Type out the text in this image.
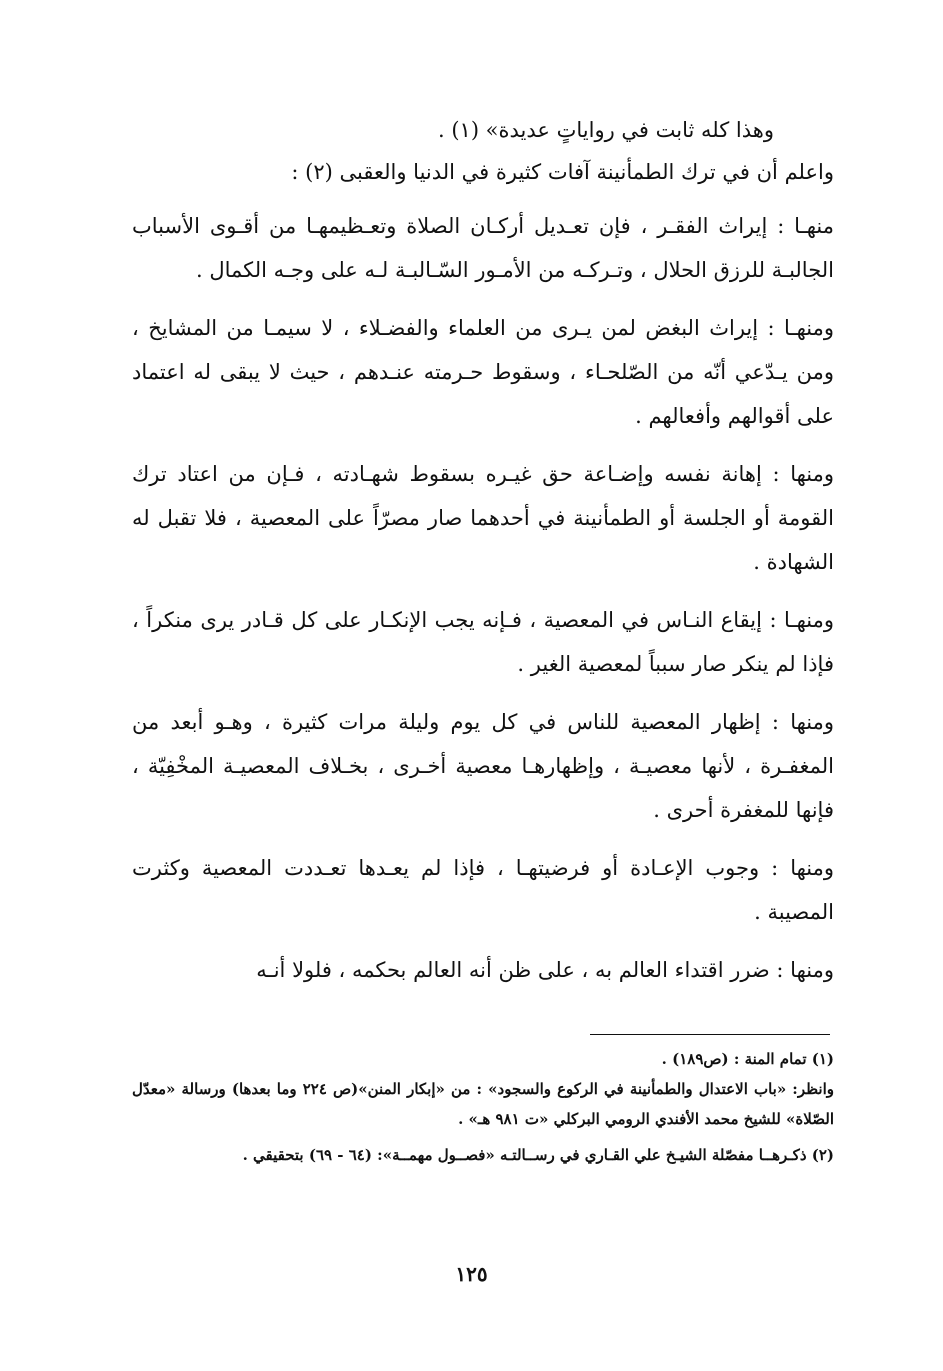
وهذا كله ثابت في رواياتٍ عديدة» (١) .

واعلم أن في ترك الطمأنينة آفات كثيرة في الدنيا والعقبى (٢) :

منهـا : إيراث الفقـر ، فإن تعـديل أركـان الصلاة وتعـظيمهـا من أقـوى الأسباب الجالبـة للرزق الحلال ، وتـركـه من الأمـور السّـالبـة لـه على وجـه الكمال .

ومنهـا : إيراث البغض لمن يـرى من العلماء والفضـلاء ، لا سيمـا من المشايخ ، ومن يـدّعي أنّه من الصّلحـاء ، وسقوط حـرمته عنـدهم ، حيث لا يبقى له اعتماد على أقوالهم وأفعالهم .

ومنها : إهانة نفسه وإضـاعة حق غيـره بسقوط شهـادته ، فـإن من اعتاد ترك القومة أو الجلسة أو الطمأنينة في أحدهما صار مصرّاً على المعصية ، فلا تقبل له الشهادة .

ومنهـا : إيقاع النـاس في المعصية ، فـإنه يجب الإنكـار على كل قـادر يرى منكراً ، فإذا لم ينكر صار سبباً لمعصية الغير .

ومنها : إظهار المعصية للناس في كل يوم وليلة مرات كثيرة ، وهـو أبعد من المغفـرة ، لأنها معصيـة ، وإظهارهـا معصية أخـرى ، بخـلاف المعصيـة المخْفِيّة ، فإنها للمغفرة أحرى .

ومنها : وجوب الإعـادة أو فرضيتهـا ، فإذا لم يعـدها تعـددت المعصية وكثرت المصيبة .

ومنها : ضرر اقتداء العالم به ، على ظن أنه العالم بحكمه ، فلولا أنـه

(١) تمام المنة : (ص١٨٩) .

وانظر: «باب الاعتدال والطمأنينة في الركوع والسجود» : من «إبكار المنن»(ص ٢٢٤ وما بعدها) ورسالة «معدّل الصّلاة» للشيخ محمد الأفندي الرومي البركلي «ت ٩٨١ هـ» .

(٢) ذكـرهــا مفصّلة الشيـخ علي القـاري في رســالتـه «فصــول مهمــة»: (٦٤ - ٦٩) بتحقيقي .

١٢٥
